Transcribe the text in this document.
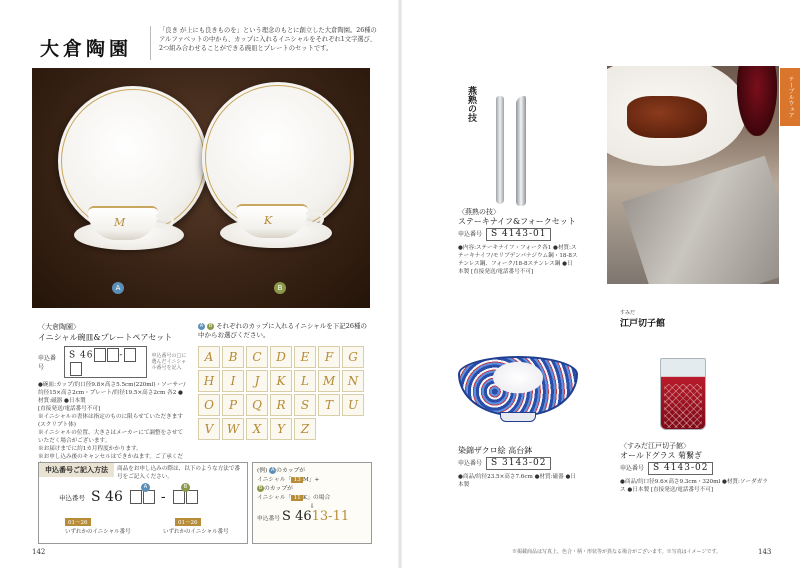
大倉陶園
「良き が上にも良きものを」という理念のもとに創立した大倉陶園。26種のアルファベットの中から、カップに入れるイニシャルをそれぞれ1文字選び、2つ組み合わせることができる碗皿とプレートのセットです。
M	K
A	B
〈大倉陶園〉
イニシャル碗皿&プレートペアセット
申込番号
S 46	-	申込番号の□に選んだイニシャル番号を記入
●碗皿:カップ/約口径9.8×高さ5.5cm(220ml)・ソーサー/約径15×高さ2cm・プレート/約径19.5×高さ2cm 各2 ●材質:磁器 ●日本製
[直接発送/電話番号不可]
※イニシャルの書体は指定のものに限らせていただきます(スクリプト体)
※イニシャルの位置、大きさはメーカーにて調整をさせていただく場合がございます。
※お届けまでに約1カ月程度かかります。
※お申し込み後のキャンセルはできかねます。ご了承くだ
A B それぞれのカップに入れるイニシャルを下記26種の中からお選びください。
A	B	C	D	E	F	G
H	I	J	K	L	M	N
O	P	Q	R	S	T	U
V	W	X	Y	Z
申込番号ご記入方法	商品をお申し込みの際は、以下のような方法で番号をご記入ください。
申込番号 S 46	-
A	B
01〜26
いずれかのイニシャル番号
01〜26
いずれかのイニシャル番号
(例) A のカップが
イニシャル「 13 M」+
B のカップが
イニシャル「 11 K」の場合
⇩
申込番号 S 4613-11
142
テーブルウェア
燕熟の技
〈燕熟の技〉
ステーキナイフ&フォークセット
申込番号	S 4143-01
●内容:ステーキナイフ・フォーク各1 ●材質:ステーキナイフ/モリブデンバナジウム鋼・18-8ステンレス鋼、フォーク/18-8ステンレス鋼 ●日本製 [直接発送/電話番号不可]
染錦ザクロ絵 高台鉢
申込番号	S 3143-02
●商品/約径23.5×高さ7.6cm ●材質:磁器 ●日本製
すみだ
江戸切子館
〈すみだ江戸切子館〉
オールドグラス 菊繋ぎ
申込番号	S 4143-02
●商品/約口径9.6×高さ9.3cm・320ml ●材質:ソーダガラス ●日本製 [直接発送/電話番号不可]
※掲載商品は写真上、色合・柄・形状等が異なる場合がございます。※写真はイメージです。	143
